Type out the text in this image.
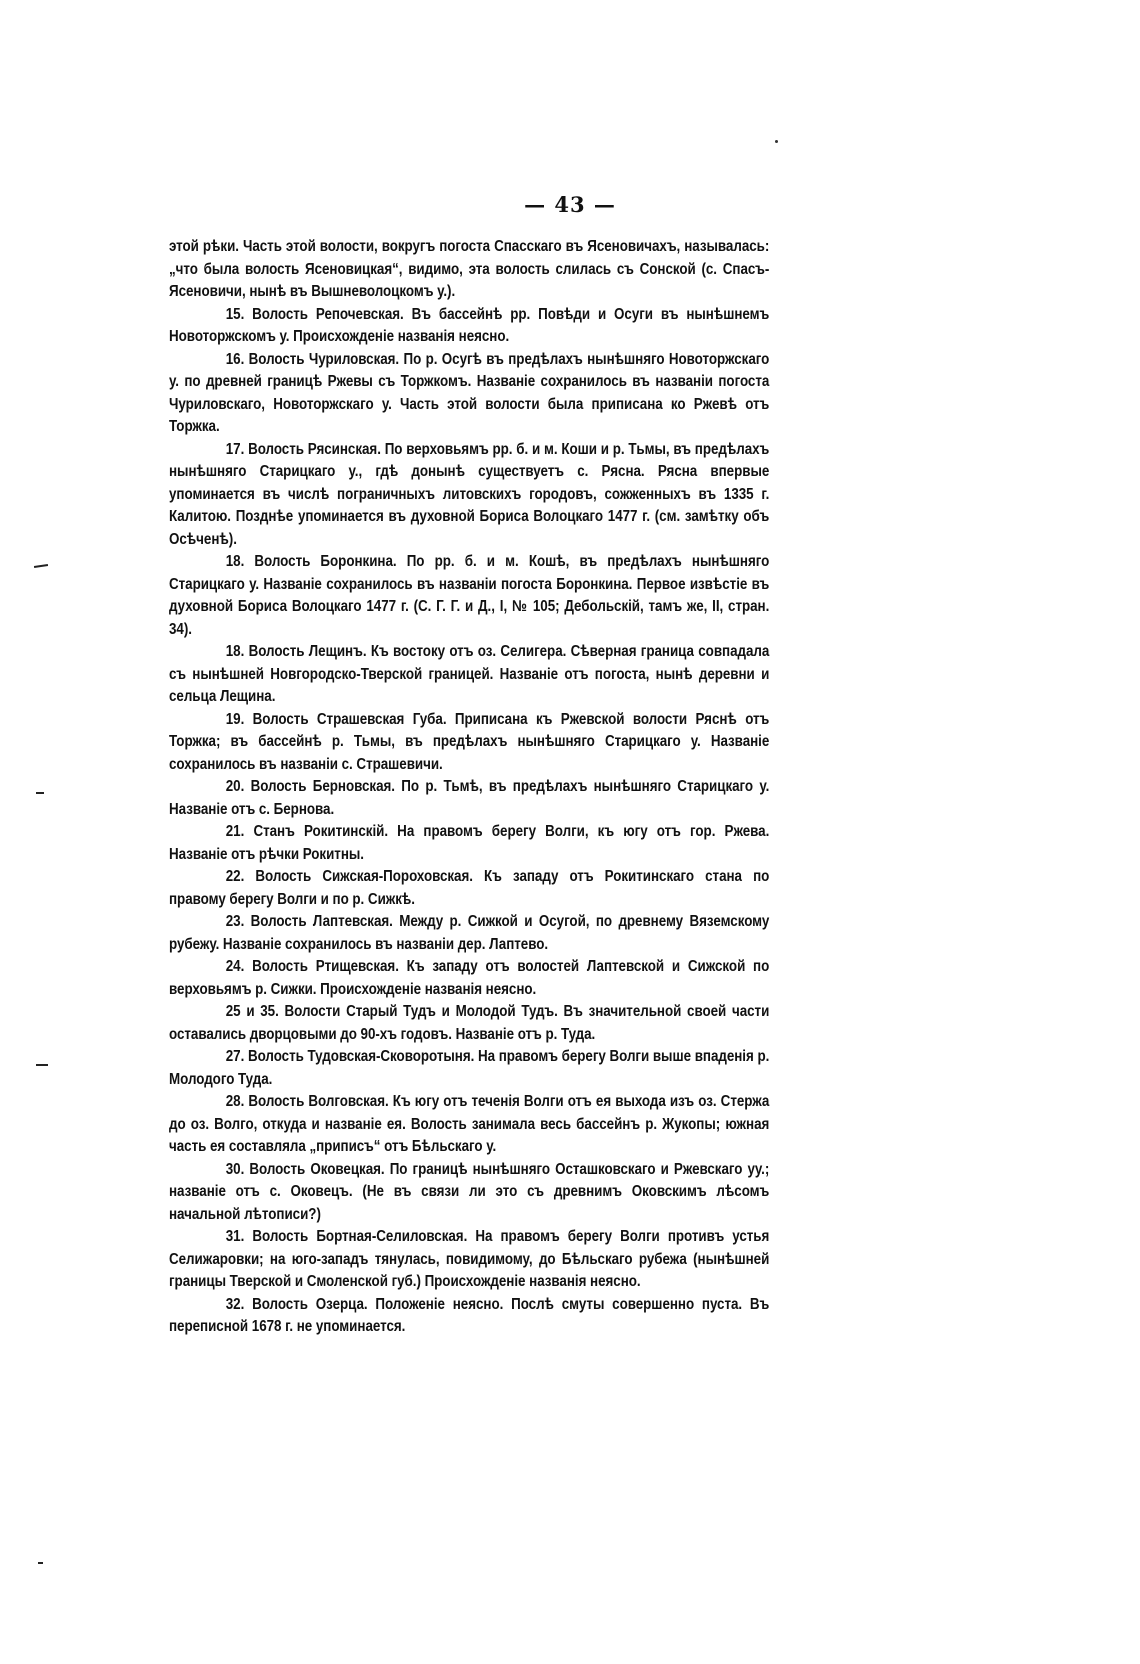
— 43 —

этой рѣки. Часть этой волости, вокругъ погоста Спасскаго въ Ясеновичахъ, называлась: „что была волость Ясеновицкая“, видимо, эта волость слилась съ Сонской (с. Спасъ-Ясеновичи, нынѣ въ Вышневолоцкомъ у.).

15. Волость Репочевская. Въ бассейнѣ рр. Повѣди и Осуги въ нынѣшнемъ Новоторжскомъ у. Происхожденіе названія неясно.

16. Волость Чуриловская. По р. Осугѣ въ предѣлахъ нынѣшняго Новоторжскаго у. по древней границѣ Ржевы съ Торжкомъ. Названіе сохранилось въ названіи погоста Чуриловскаго, Новоторжскаго у. Часть этой волости была приписана ко Ржевѣ отъ Торжка.

17. Волость Рясинская. По верховьямъ рр. б. и м. Коши и р. Тьмы, въ предѣлахъ нынѣшняго Старицкаго у., гдѣ донынѣ существуетъ с. Рясна. Рясна впервые упоминается въ числѣ пограничныхъ литовскихъ городовъ, сожженныхъ въ 1335 г. Калитою. Позднѣе упоминается въ духовной Бориса Волоцкаго 1477 г. (см. замѣтку объ Осѣченѣ).

18. Волость Боронкина. По рр. б. и м. Кошѣ, въ предѣлахъ нынѣшняго Старицкаго у. Названіе сохранилось въ названіи погоста Боронкина. Первое извѣстіе въ духовной Бориса Волоцкаго 1477 г. (С. Г. Г. и Д., I, № 105; Дебольскій, тамъ же, II, стран. 34).

18. Волость Лещинъ. Къ востоку отъ оз. Селигера. Сѣверная граница совпадала съ нынѣшней Новгородско-Тверской границей. Названіе отъ погоста, нынѣ деревни и сельца Лещина.

19. Волость Страшевская Губа. Приписана къ Ржевской волости Ряснѣ отъ Торжка; въ бассейнѣ р. Тьмы, въ предѣлахъ нынѣшняго Старицкаго у. Названіе сохранилось въ названіи с. Страшевичи.

20. Волость Берновская. По р. Тьмѣ, въ предѣлахъ нынѣшняго Старицкаго у. Названіе отъ с. Бернова.

21. Станъ Рокитинскій. На правомъ берегу Волги, къ югу отъ гор. Ржева. Названіе отъ рѣчки Рокитны.

22. Волость Сижская-Пороховская. Къ западу отъ Рокитинскаго стана по правому берегу Волги и по р. Сижкѣ.

23. Волость Лаптевская. Между р. Сижкой и Осугой, по древнему Вяземскому рубежу. Названіе сохранилось въ названіи дер. Лаптево.

24. Волость Ртищевская. Къ западу отъ волостей Лаптевской и Сижской по верховьямъ р. Сижки. Происхожденіе названія неясно.

25 и 35. Волости Старый Тудъ и Молодой Тудъ. Въ значительной своей части оставались дворцовыми до 90-хъ годовъ. Названіе отъ р. Туда.

27. Волость Тудовская-Сковоротыня. На правомъ берегу Волги выше впаденія р. Молодого Туда.

28. Волость Волговская. Къ югу отъ теченія Волги отъ ея выхода изъ оз. Стержа до оз. Волго, откуда и названіе ея. Волость занимала весь бассейнъ р. Жукопы; южная часть ея составляла „приписъ“ отъ Бѣльскаго у.

30. Волость Оковецкая. По границѣ нынѣшняго Осташковскаго и Ржевскаго уу.; названіе отъ с. Оковецъ. (Не въ связи ли это съ древнимъ Оковскимъ лѣсомъ начальной лѣтописи?)

31. Волость Бортная-Селиловская. На правомъ берегу Волги противъ устья Селижаровки; на юго-западъ тянулась, повидимому, до Бѣльскаго рубежа (нынѣшней границы Тверской и Смоленской губ.) Происхожденіе названія неясно.

32. Волость Озерца. Положеніе неясно. Послѣ смуты совершенно пуста. Въ переписной 1678 г. не упоминается.
